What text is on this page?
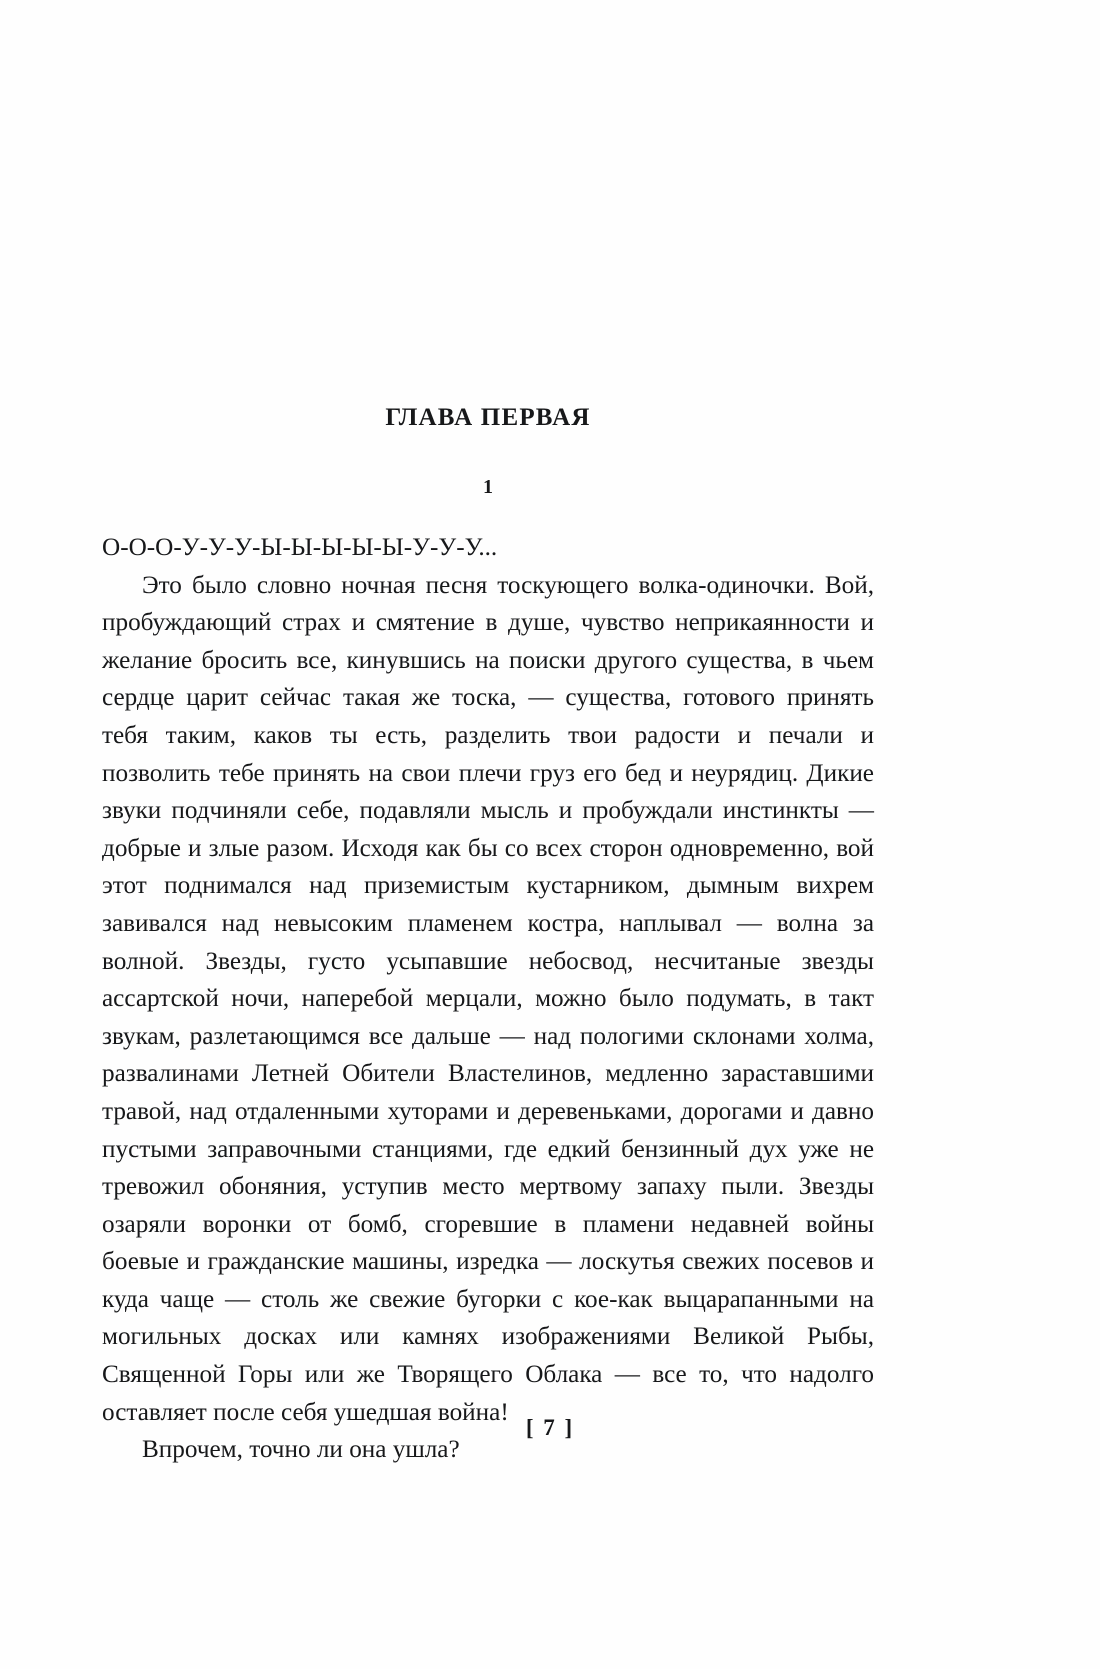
ГЛАВА ПЕРВАЯ
1

О-О-О-У-У-У-Ы-Ы-Ы-Ы-Ы-У-У-У...

Это было словно ночная песня тоскующего волка-одиночки. Вой, пробуждающий страх и смятение в душе, чувство неприкаянности и желание бросить все, кинувшись на поиски другого существа, в чьем сердце царит сейчас такая же тоска, — существа, готового принять тебя таким, каков ты есть, разделить твои радости и печали и позволить тебе принять на свои плечи груз его бед и неурядиц. Дикие звуки подчиняли себе, подавляли мысль и пробуждали инстинкты — добрые и злые разом. Исходя как бы со всех сторон одновременно, вой этот поднимался над приземистым кустарником, дымным вихрем завивался над невысоким пламенем костра, наплывал — волна за волной. Звезды, густо усыпавшие небосвод, несчитаные звезды ассартской ночи, наперебой мерцали, можно было подумать, в такт звукам, разлетающимся все дальше — над пологими склонами холма, развалинами Летней Обители Властелинов, медленно зараставшими травой, над отдаленными хуторами и деревеньками, дорогами и давно пустыми заправочными станциями, где едкий бензинный дух уже не тревожил обоняния, уступив место мертвому запаху пыли. Звезды озаряли воронки от бомб, сгоревшие в пламени недавней войны боевые и гражданские машины, изредка — лоскутья свежих посевов и куда чаще — столь же свежие бугорки с кое-как выцарапанными на могильных досках или камнях изображениями Великой Рыбы, Священной Горы или же Творящего Облака — все то, что надолго оставляет после себя ушедшая война!

Впрочем, точно ли она ушла?

[ 7 ]
